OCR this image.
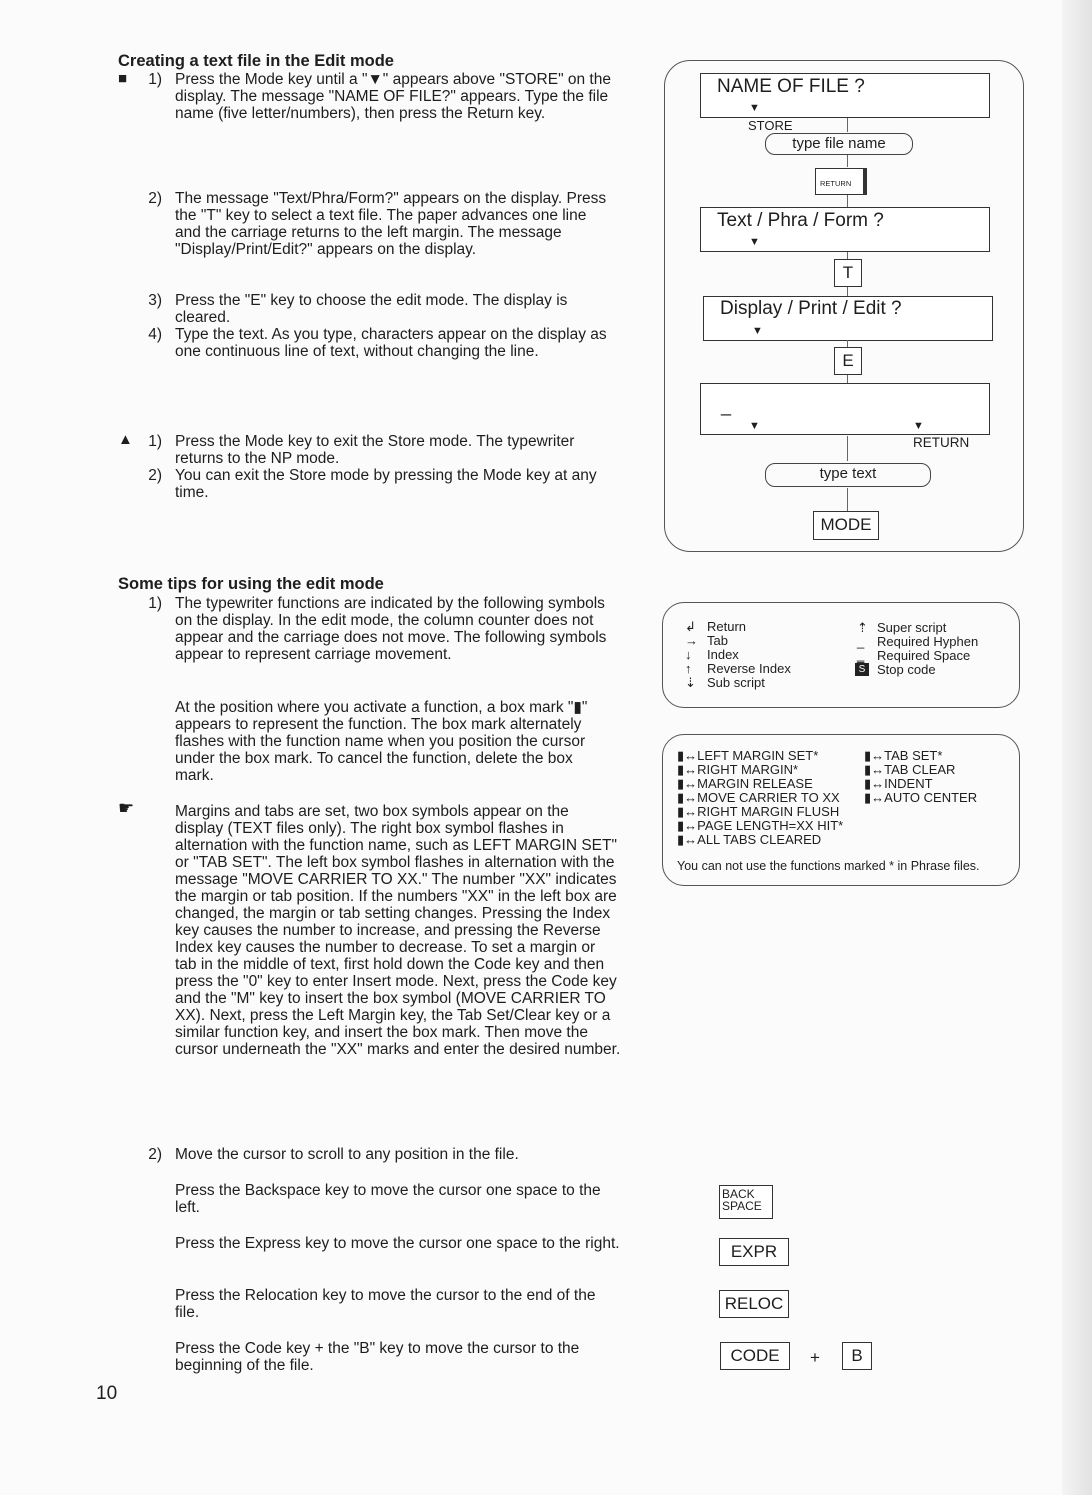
Creating a text file in the Edit mode
■	1) Press the Mode key until a "▼" appears above "STORE" on the display. The message "NAME OF FILE?" appears. Type the file name (five letter/numbers), then press the Return key.
2) The message "Text/Phra/Form?" appears on the display. Press the "T" key to select a text file. The paper advances one line and the carriage returns to the left margin. The message "Display/Print/Edit?" appears on the display.
3) Press the "E" key to choose the edit mode. The display is cleared.
4) Type the text. As you type, characters appear on the display as one continuous line of text, without changing the line.
▲ 1) Press the Mode key to exit the Store mode. The typewriter returns to the NP mode.
2) You can exit the Store mode by pressing the Mode key at any time.
NAME OF FILE ?
▼
STORE
type file name
RETURN
Text / Phra / Form ?
▼
T
Display / Print / Edit ?
▼
E
_
▼	▼
RETURN
type text
MODE
Some tips for using the edit mode
1) The typewriter functions are indicated by the following symbols on the display. In the edit mode, the column counter does not appear and the carriage does not move. The following symbols appear to represent carriage movement.
At the position where you activate a function, a box mark "▮" appears to represent the function. The box mark alternately flashes with the function name when you position the cursor under the box mark. To cancel the function, delete the box mark.
☛	Margins and tabs are set, two box symbols appear on the display (TEXT files only). The right box symbol flashes in alternation with the function name, such as LEFT MARGIN SET" or "TAB SET". The left box symbol flashes in alternation with the message "MOVE CARRIER TO XX." The number "XX" indicates the margin or tab position. If the numbers "XX" in the left box are changed, the margin or tab setting changes. Pressing the Index key causes the number to increase, and pressing the Reverse Index key causes the number to decrease. To set a margin or tab in the middle of text, first hold down the Code key and then press the "0" key to enter Insert mode. Next, press the Code key and the "M" key to insert the box symbol (MOVE CARRIER TO XX). Next, press the Left Margin key, the Tab Set/Clear key or a similar function key, and insert the box mark. Then move the cursor underneath the "XX" marks and enter the desired number.
2) Move the cursor to scroll to any position in the file.
Press the Backspace key to move the cursor one space to the left.
Press the Express key to move the cursor one space to the right.
Press the Relocation key to move the cursor to the end of the file.
Press the Code key + the "B" key to move the cursor to the beginning of the file.
↲ Return
→ Tab
↓ Index
↑ Reverse Index
⇣ Sub script
⇡ Super script
_ Required Hyphen
‗ Required Space
S Stop code
▮↔LEFT MARGIN SET*
▮↔RIGHT MARGIN*
▮↔MARGIN RELEASE
▮↔MOVE CARRIER TO XX
▮↔RIGHT MARGIN FLUSH
▮↔PAGE LENGTH=XX HIT*
▮↔ALL TABS CLEARED
▮↔TAB SET*
▮↔TAB CLEAR
▮↔INDENT
▮↔AUTO CENTER
You can not use the functions marked * in Phrase files.
BACK
SPACE
EXPR
RELOC
CODE	+	B
10
